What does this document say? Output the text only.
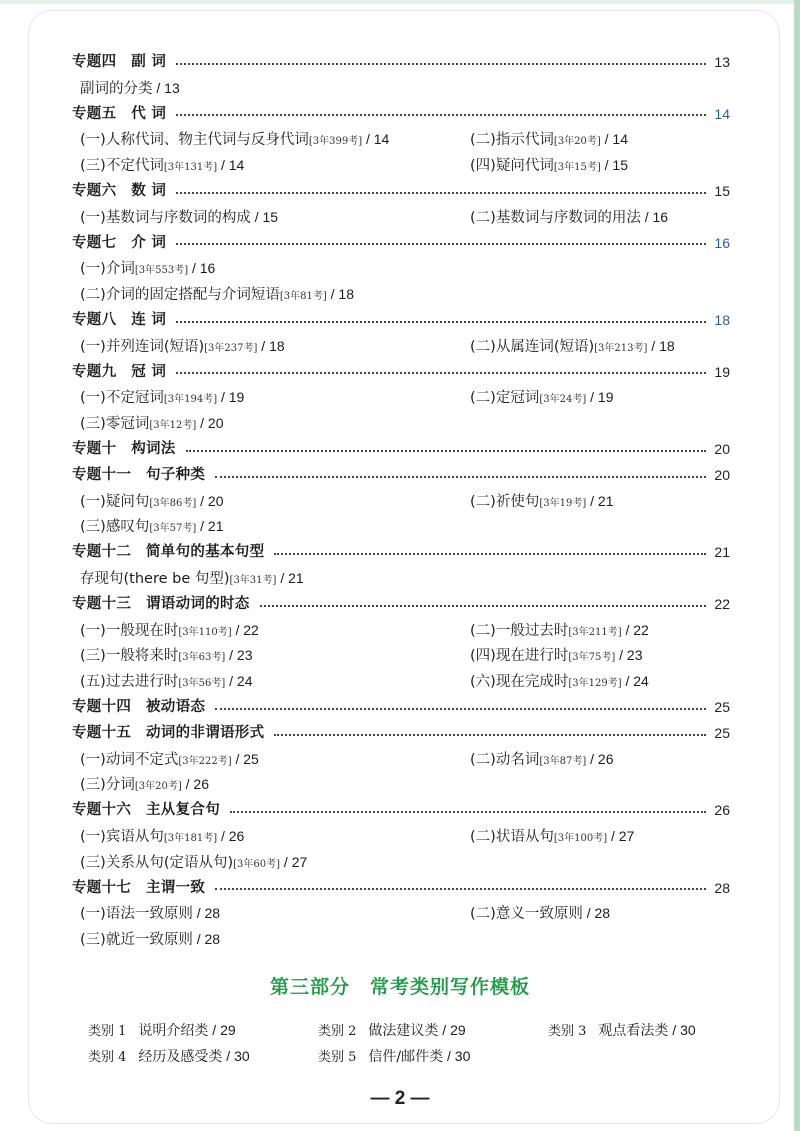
专题四　副 词	13
副词的分类 / 13
专题五　代 词	14
(一)人称代词、物主代词与反身代词[3年399考] / 14	(二)指示代词[3年20考] / 14
(三)不定代词[3年131考] / 14	(四)疑问代词[3年15考] / 15
专题六　数 词	15
(一)基数词与序数词的构成 / 15	(二)基数词与序数词的用法 / 16
专题七　介 词	16
(一)介词[3年553考] / 16
(二)介词的固定搭配与介词短语[3年81考] / 18
专题八　连 词	18
(一)并列连词(短语)[3年237考] / 18	(二)从属连词(短语)[3年213考] / 18
专题九　冠 词	19
(一)不定冠词[3年194考] / 19	(二)定冠词[3年24考] / 19
(三)零冠词[3年12考] / 20
专题十　构词法	20
专题十一　句子种类	20
(一)疑问句[3年86考] / 20	(二)祈使句[3年19考] / 21
(三)感叹句[3年57考] / 21
专题十二　简单句的基本句型	21
存现句(there be 句型)[3年31考] / 21
专题十三　谓语动词的时态	22
(一)一般现在时[3年110考] / 22	(二)一般过去时[3年211考] / 22
(三)一般将来时[3年63考] / 23	(四)现在进行时[3年75考] / 23
(五)过去进行时[3年56考] / 24	(六)现在完成时[3年129考] / 24
专题十四　被动语态	25
专题十五　动词的非谓语形式	25
(一)动词不定式[3年222考] / 25	(二)动名词[3年87考] / 26
(三)分词[3年20考] / 26
专题十六　主从复合句	26
(一)宾语从句[3年181考] / 26	(二)状语从句[3年100考] / 27
(三)关系从句(定语从句)[3年60考] / 27
专题十七　主谓一致	28
(一)语法一致原则 / 28	(二)意义一致原则 / 28
(三)就近一致原则 / 28
第三部分　常考类别写作模板
类别 1 说明介绍类 / 29	类别 2 做法建议类 / 29	类别 3 观点看法类 / 30
类别 4 经历及感受类 / 30	类别 5 信件/邮件类 / 30
— 2 —
